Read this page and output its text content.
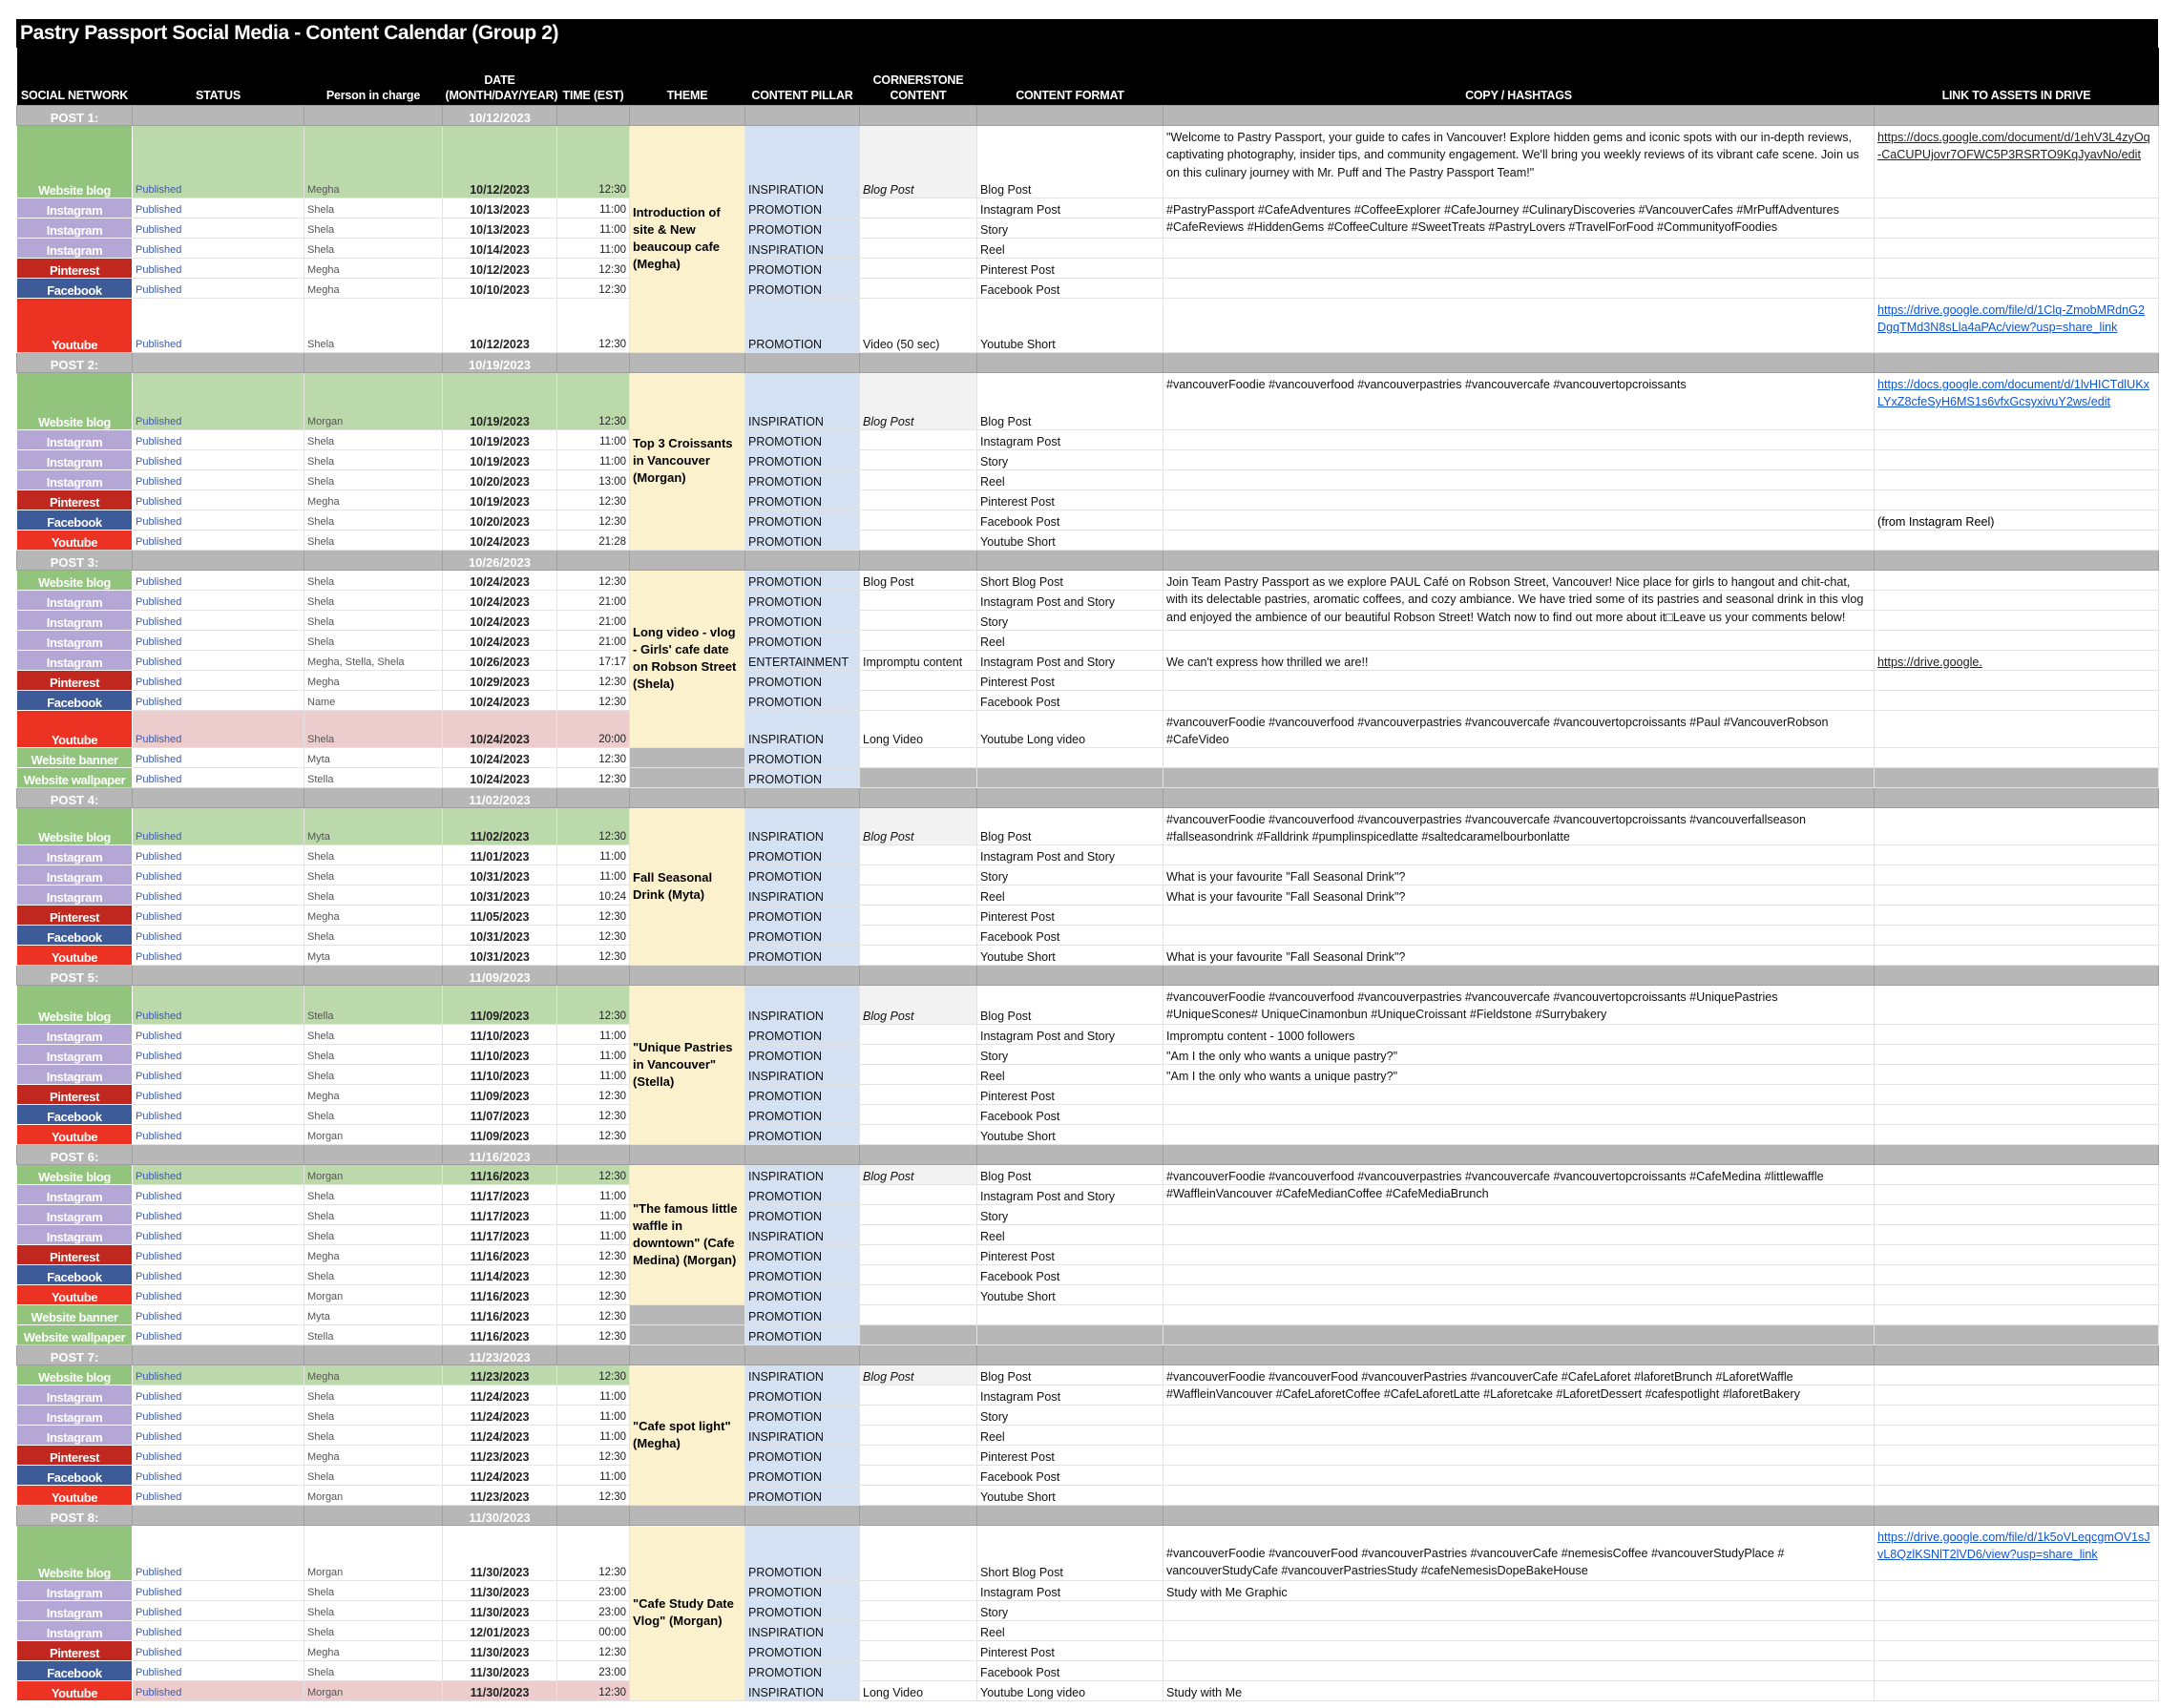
Pastry Passport Social Media - Content Calendar (Group 2)
SOCIAL NETWORK	STATUS	Person in charge	DATE (MONTH/DAY/YEAR)	TIME (EST)	THEME	CONTENT PILLAR	CORNERSTONE CONTENT	CONTENT FORMAT	COPY / HASHTAGS	LINK TO ASSETS IN DRIVE
POST 1:			10/12/2023							
Website blog	Published	Megha	10/12/2023	12:30	Introduction of site & New beaucoup cafe (Megha)	INSPIRATION	Blog Post	Blog Post	"Welcome to Pastry Passport, your guide to cafes in Vancouver! Explore hidden gems and iconic spots with our in-depth reviews, captivating photography, insider tips, and community engagement. We'll bring you weekly reviews of its vibrant cafe scene. Join us on this culinary journey with Mr. Puff and The Pastry Passport Team!"	https://docs.google.com/document/d/1ehV3L4zyOq-CaCUPUjovr7OFWC5P3RSRTO9KqJyavNo/edit

Instagram	Published	Shela	10/13/2023	11:00		PROMOTION		Instagram Post	#PastryPassport #CafeAdventures #CoffeeExplorer #CafeJourney #CulinaryDiscoveries #VancouverCafes #MrPuffAdventures #CafeReviews #HiddenGems #CoffeeCulture #SweetTreats #PastryLovers #TravelForFood #CommunityofFoodies	

Instagram	Published	Shela	10/13/2023	11:00		PROMOTION		Story		
Instagram	Published	Shela	10/14/2023	11:00		INSPIRATION		Reel		
Pinterest	Published	Megha	10/12/2023	12:30		PROMOTION		Pinterest Post		
Facebook	Published	Megha	10/10/2023	12:30		PROMOTION		Facebook Post		
Youtube	Published	Shela	10/12/2023	12:30		PROMOTION	Video (50 sec)	Youtube Short		https://drive.google.com/file/d/1Clq-ZmobMRdnG2DgqTMd3N8sLla4aPAc/view?usp=share_link

POST 2:			10/19/2023							
Website blog	Published	Morgan	10/19/2023	12:30	Top 3 Croissants in Vancouver (Morgan)	INSPIRATION	Blog Post	Blog Post	#vancouverFoodie #vancouverfood #vancouverpastries #vancouvercafe #vancouvertopcroissants	https://docs.google.com/document/d/1lvHICTdlUKxLYxZ8cfeSyH6MS1s6vfxGcsyxivuY2ws/edit

Instagram	Published	Shela	10/19/2023	11:00		PROMOTION		Instagram Post		
Instagram	Published	Shela	10/19/2023	11:00		PROMOTION		Story		
Instagram	Published	Shela	10/20/2023	13:00		PROMOTION		Reel		
Pinterest	Published	Megha	10/19/2023	12:30		PROMOTION		Pinterest Post		
Facebook	Published	Shela	10/20/2023	12:30		PROMOTION		Facebook Post		(from Instagram Reel)

Youtube	Published	Shela	10/24/2023	21:28		PROMOTION		Youtube Short		
POST 3:			10/26/2023							
Website blog	Published	Shela	10/24/2023	12:30	Long video - vlog - Girls' cafe date on Robson Street (Shela)	PROMOTION	Blog Post	Short Blog Post	Join Team Pastry Passport as we explore PAUL Café on Robson Street, Vancouver! Nice place for girls to hangout and chit-chat, with its delectable pastries, aromatic coffees, and cozy ambiance. We have tried some of its pastries and seasonal drink in this vlog and enjoyed the ambience of our beautiful Robson Street! Watch now to find out more about it□Leave us your comments below!	

Instagram	Published	Shela	10/24/2023	21:00		PROMOTION		Instagram Post and Story		
Instagram	Published	Shela	10/24/2023	21:00		PROMOTION		Story		
Instagram	Published	Shela	10/24/2023	21:00		PROMOTION		Reel		
Instagram	Published	Megha, Stella, Shela	10/26/2023	17:17		ENTERTAINMENT	Impromptu content	Instagram Post and Story	We can't express how thrilled we are!!	https://drive.google.

Pinterest	Published	Megha	10/29/2023	12:30		PROMOTION		Pinterest Post		
Facebook	Published	Name	10/24/2023	12:30		PROMOTION		Facebook Post		
Youtube	Published	Shela	10/24/2023	20:00		INSPIRATION	Long Video	Youtube Long video	#vancouverFoodie #vancouverfood #vancouverpastries #vancouvercafe #vancouvertopcroissants #Paul #VancouverRobson #CafeVideo	

Website banner	Published	Myta	10/24/2023	12:30		PROMOTION				
Website wallpaper	Published	Stella	10/24/2023	12:30		PROMOTION				
POST 4:			11/02/2023							
Website blog	Published	Myta	11/02/2023	12:30	Fall Seasonal Drink (Myta)	INSPIRATION	Blog Post	Blog Post	#vancouverFoodie #vancouverfood #vancouverpastries #vancouvercafe #vancouvertopcroissants #vancouverfallseason #fallseasondrink #Falldrink #pumplinspicedlatte #saltedcaramelbourbonlatte	

Instagram	Published	Shela	11/01/2023	11:00		PROMOTION		Instagram Post and Story		
Instagram	Published	Shela	10/31/2023	11:00		PROMOTION		Story	What is your favourite "Fall Seasonal Drink"?	

Instagram	Published	Shela	10/31/2023	10:24		INSPIRATION		Reel	What is your favourite "Fall Seasonal Drink"?	

Pinterest	Published	Megha	11/05/2023	12:30		PROMOTION		Pinterest Post		
Facebook	Published	Shela	10/31/2023	12:30		PROMOTION		Facebook Post		
Youtube	Published	Myta	10/31/2023	12:30		PROMOTION		Youtube Short	What is your favourite "Fall Seasonal Drink"?	

POST 5:			11/09/2023							
Website blog	Published	Stella	11/09/2023	12:30	"Unique Pastries in Vancouver" (Stella)	INSPIRATION	Blog Post	Blog Post	#vancouverFoodie #vancouverfood #vancouverpastries #vancouvercafe #vancouvertopcroissants #UniquePastries #UniqueScones# UniqueCinamonbun #UniqueCroissant #Fieldstone #Surrybakery	

Instagram	Published	Shela	11/10/2023	11:00		PROMOTION		Instagram Post and Story	Impromptu content - 1000 followers	

Instagram	Published	Shela	11/10/2023	11:00		PROMOTION		Story	"Am I the only who wants a unique pastry?"	

Instagram	Published	Shela	11/10/2023	11:00		INSPIRATION		Reel	"Am I the only who wants a unique pastry?"	

Pinterest	Published	Megha	11/09/2023	12:30		PROMOTION		Pinterest Post		
Facebook	Published	Shela	11/07/2023	12:30		PROMOTION		Facebook Post		
Youtube	Published	Morgan	11/09/2023	12:30		PROMOTION		Youtube Short		
POST 6:			11/16/2023							
Website blog	Published	Morgan	11/16/2023	12:30	"The famous little waffle in downtown" (Cafe Medina) (Morgan)	INSPIRATION	Blog Post	Blog Post	#vancouverFoodie #vancouverfood #vancouverpastries #vancouvercafe #vancouvertopcroissants #CafeMedina #littlewaffle #WaffleinVancouver #CafeMedianCoffee #CafeMediaBrunch	

Instagram	Published	Shela	11/17/2023	11:00		PROMOTION		Instagram Post and Story		
Instagram	Published	Shela	11/17/2023	11:00		PROMOTION		Story		
Instagram	Published	Shela	11/17/2023	11:00		INSPIRATION		Reel		
Pinterest	Published	Megha	11/16/2023	12:30		PROMOTION		Pinterest Post		
Facebook	Published	Shela	11/14/2023	12:30		PROMOTION		Facebook Post		
Youtube	Published	Morgan	11/16/2023	12:30		PROMOTION		Youtube Short		
Website banner	Published	Myta	11/16/2023	12:30		PROMOTION				
Website wallpaper	Published	Stella	11/16/2023	12:30		PROMOTION				
POST 7:			11/23/2023							
Website blog	Published	Megha	11/23/2023	12:30	"Cafe spot light" (Megha)	INSPIRATION	Blog Post	Blog Post	#vancouverFoodie #vancouverFood #vancouverPastries #vancouverCafe #CafeLaforet #laforetBrunch #LaforetWaffle #WaffleinVancouver #CafeLaforetCoffee #CafeLaforetLatte #Laforetcake #LaforetDessert #cafespotlight #laforetBakery	

Instagram	Published	Shela	11/24/2023	11:00		PROMOTION		Instagram Post		
Instagram	Published	Shela	11/24/2023	11:00		PROMOTION		Story		
Instagram	Published	Shela	11/24/2023	11:00		INSPIRATION		Reel		
Pinterest	Published	Megha	11/23/2023	12:30		PROMOTION		Pinterest Post		
Facebook	Published	Shela	11/24/2023	11:00		PROMOTION		Facebook Post		
Youtube	Published	Morgan	11/23/2023	12:30		PROMOTION		Youtube Short		
POST 8:			11/30/2023							
Website blog	Published	Morgan	11/30/2023	12:30	"Cafe Study Date Vlog" (Morgan)	PROMOTION		Short Blog Post	#vancouverFoodie #vancouverFood #vancouverPastries #vancouverCafe #nemesisCoffee #vancouverStudyPlace # vancouverStudyCafe #vancouverPastriesStudy #cafeNemesisDopeBakeHouse	https://drive.google.com/file/d/1k5oVLeqcgmOV1sJvL8QzlKSNlT2lVD6/view?usp=share_link

Instagram	Published	Shela	11/30/2023	23:00		PROMOTION		Instagram Post	Study with Me Graphic	

Instagram	Published	Shela	11/30/2023	23:00		PROMOTION		Story		
Instagram	Published	Shela	12/01/2023	00:00		INSPIRATION		Reel		
Pinterest	Published	Megha	11/30/2023	12:30		PROMOTION		Pinterest Post		
Facebook	Published	Shela	11/30/2023	23:00		PROMOTION		Facebook Post		
Youtube	Published	Morgan	11/30/2023	12:30		INSPIRATION	Long Video	Youtube Long video	Study with Me	
